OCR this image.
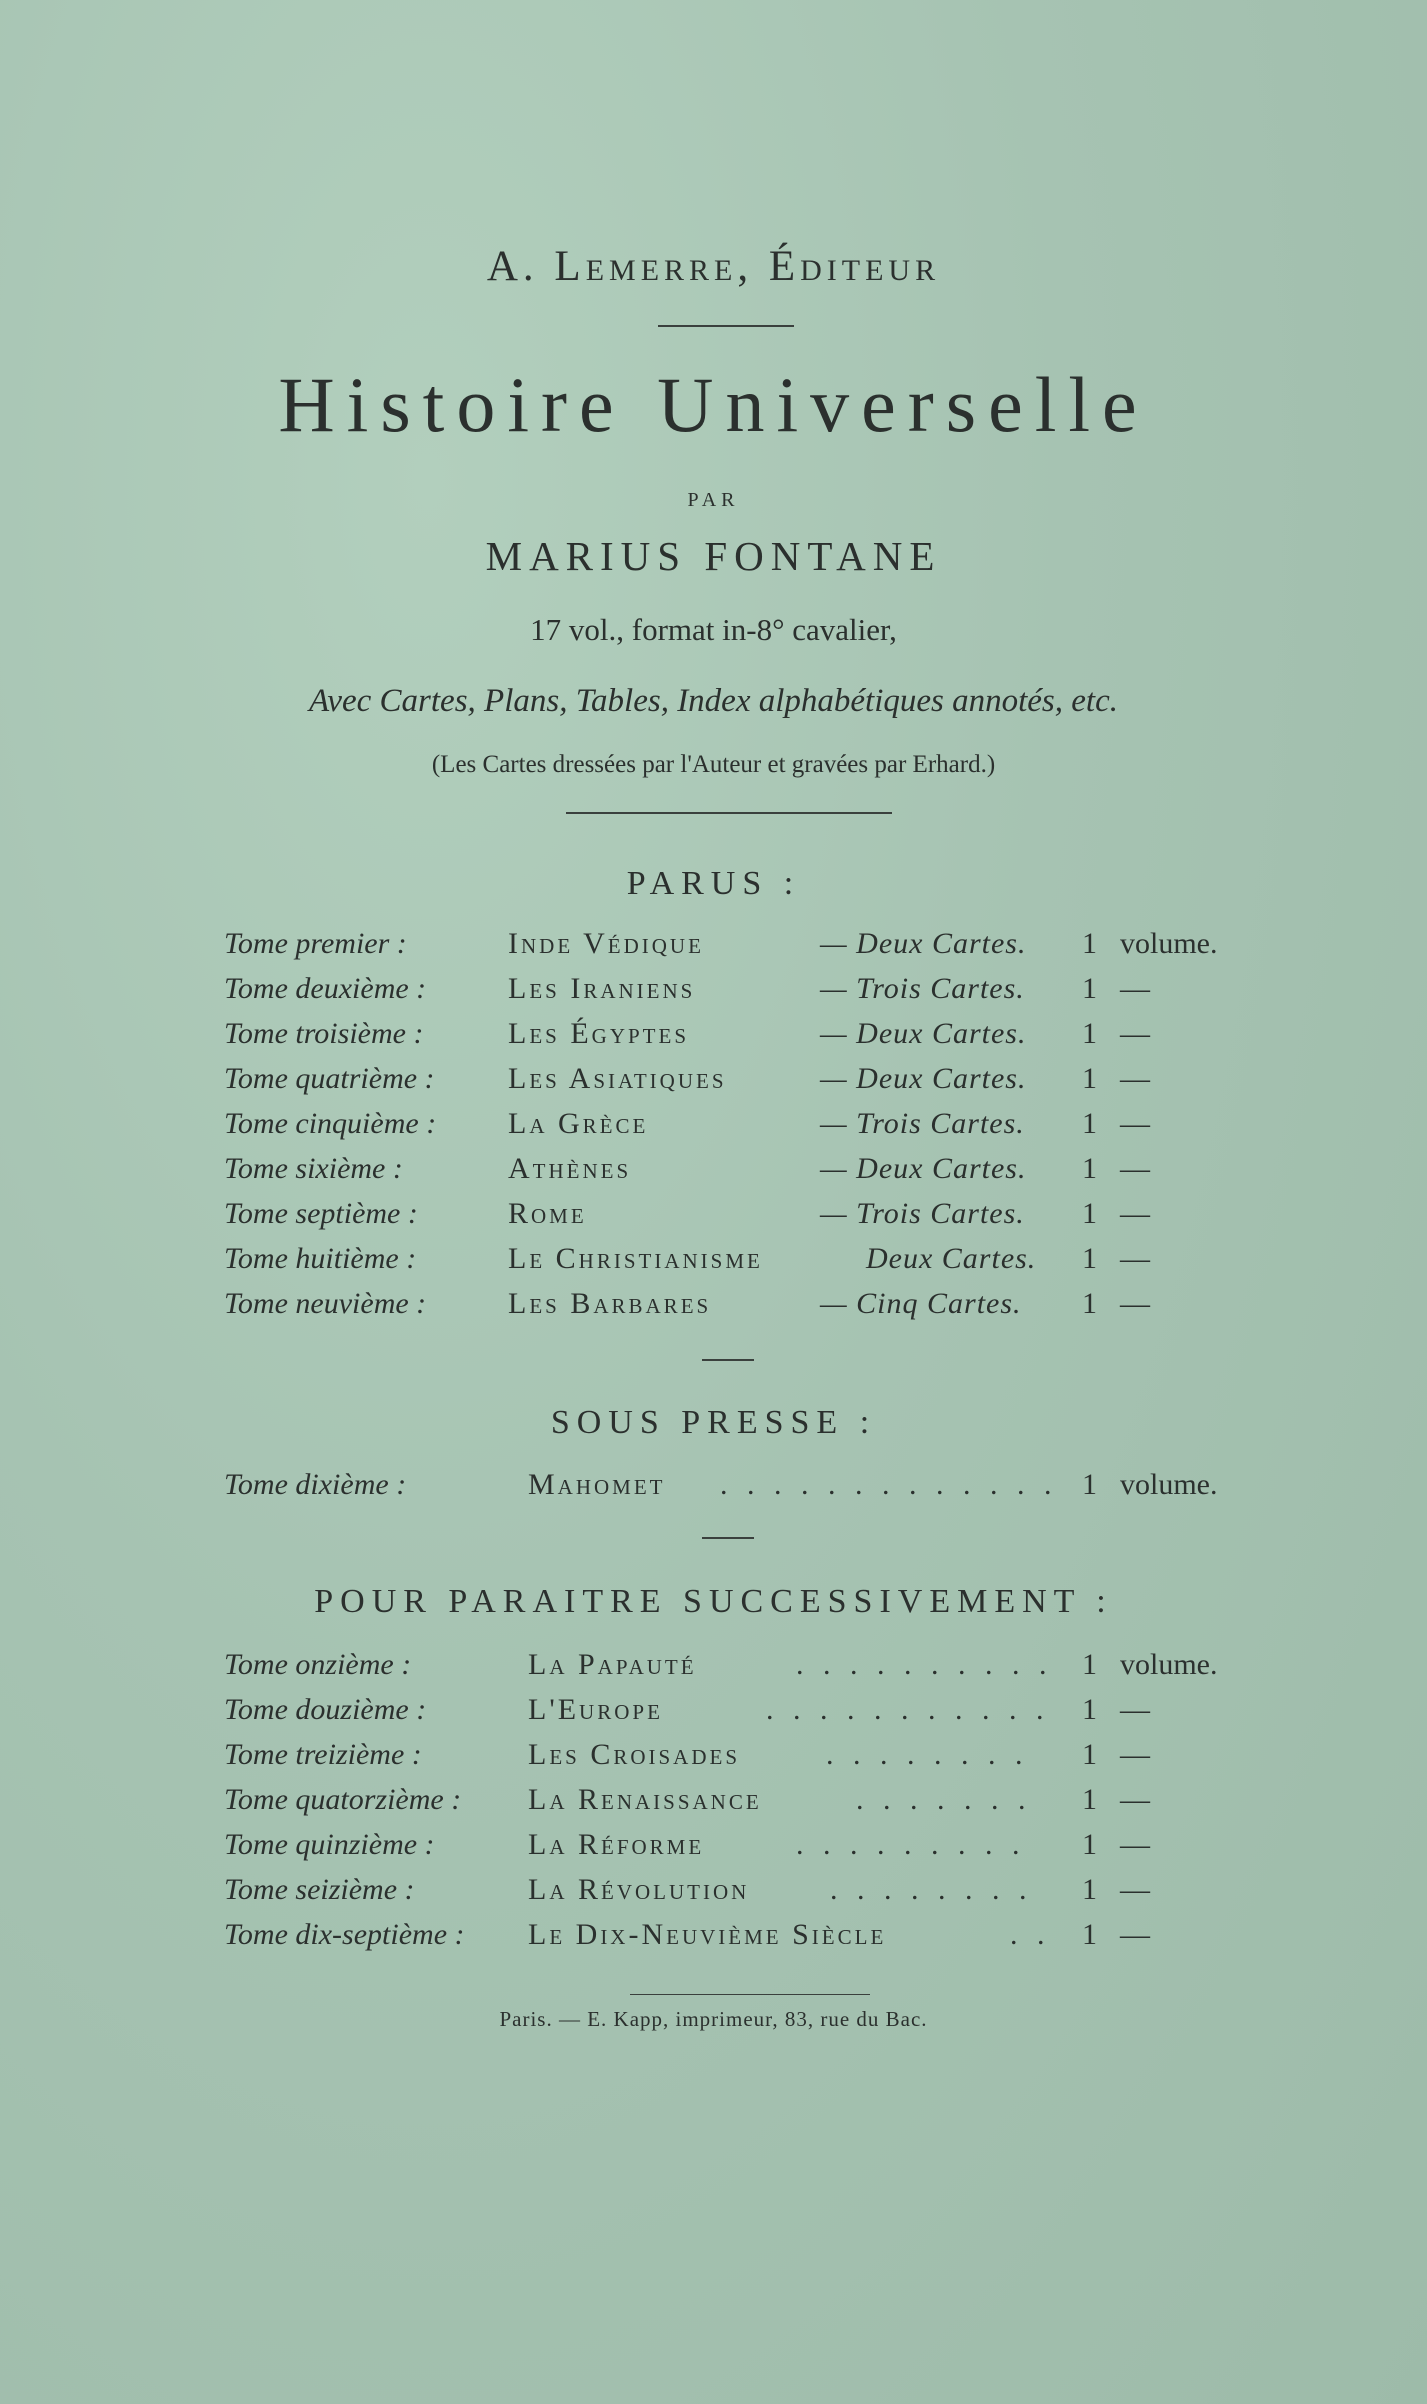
A. Lemerre, Éditeur
Histoire Universelle
PAR
MARIUS FONTANE
17 vol., format in-8° cavalier,
Avec Cartes, Plans, Tables, Index alphabétiques annotés, etc.
(Les Cartes dressées par l'Auteur et gravées par Erhard.)
PARUS :
Tome premier :	Inde Védique	— Deux Cartes. 1 volume.
Tome deuxième :	Les Iraniens	— Trois Cartes. 1 —
Tome troisième :	Les Égyptes	— Deux Cartes. 1 —
Tome quatrième : Les Asiatiques	— Deux Cartes. 1 —
Tome cinquième : La Grèce	— Trois Cartes. 1 —
Tome sixième :	Athènes	— Deux Cartes. 1 —
Tome septième :	Rome	— Trois Cartes. 1 —
Tome huitième :	Le Christianisme	Deux Cartes. 1 —
Tome neuvième :	Les Barbares	— Cinq Cartes. 1 —
SOUS PRESSE :
Tome dixième :	Mahomet . . . . . . . . . . . . . 1 volume.
POUR PARAITRE SUCCESSIVEMENT :
Tome onzième :	La Papauté	. . . . . . . . . . 1 volume.
Tome douzième :	L'Europe	. . . . . . . . . . . 1 —
Tome treizième :	Les Croisades	. . . . . . . . 1 —
Tome quatorzième : La Renaissance	. . . . . . . 1 —
Tome quinzième :	La Réforme	. . . . . . . . . 1 —
Tome seizième :	La Révolution	. . . . . . . . 1 —
Tome dix-septième : Le Dix-Neuvième Siècle	. . 1 —
Paris. — E. Kapp, imprimeur, 83, rue du Bac.
